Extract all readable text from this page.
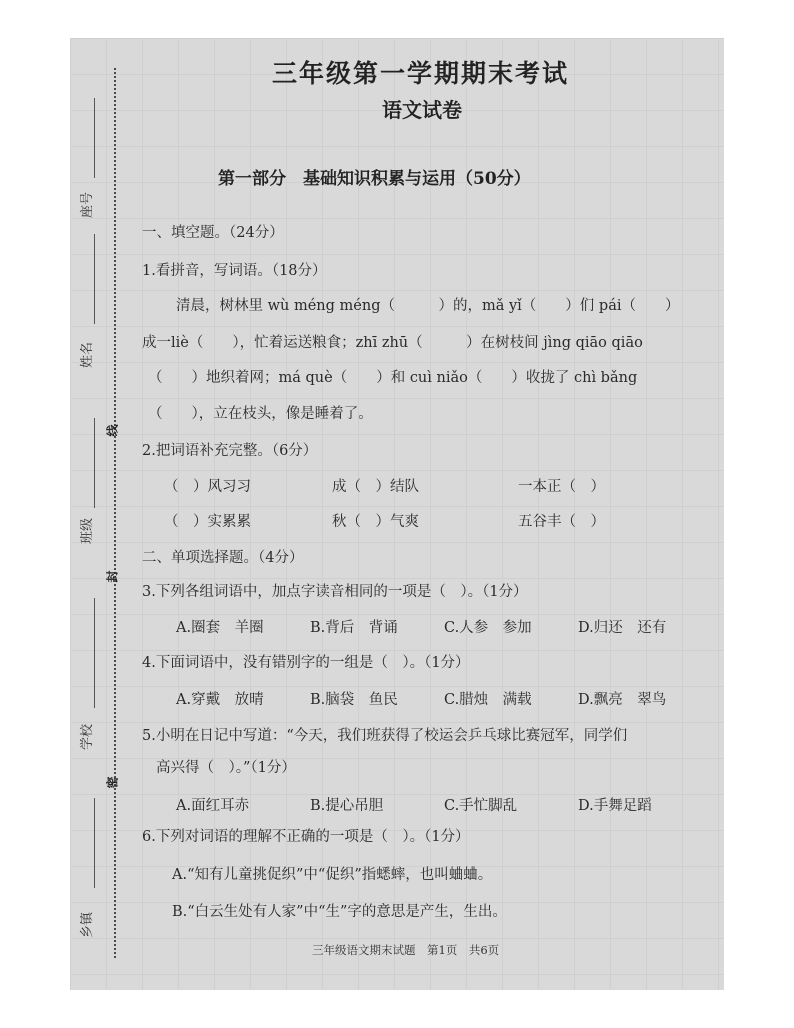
座号
姓名
线
班级
封
学校
密
乡镇
三年级第一学期期末考试
语文试卷
第一部分　基础知识积累与运用（50分）
一、填空题。（24分）
1.看拼音，写词语。（18分）
清晨，树林里 wù méng méng（　　　）的，mǎ yǐ（　　）们 pái（　　）
成一liè（　　），忙着运送粮食；zhī zhū（　　　）在树枝间 jìng qiāo qiāo
（　　）地织着网；má què（　　）和 cuì niǎo（　　）收拢了 chì bǎng
（　　），立在枝头，像是睡着了。
2.把词语补充完整。（6分）
（　）风习习	成（　）结队	一本正（　）
（　）实累累	秋（　）气爽	五谷丰（　）
二、单项选择题。（4分）
3.下列各组词语中，加点字读音相同的一项是（　）。（1分）
A.圈套　羊圈	B.背后　背诵	C.人参　参加	D.归还　还有
4.下面词语中，没有错别字的一组是（　）。（1分）
A.穿戴　放晴	B.脑袋　鱼民	C.腊烛　满载	D.飘亮　翠鸟
5.小明在日记中写道：“今天，我们班获得了校运会乒乓球比赛冠军，同学们
高兴得（　）。”（1分）
A.面红耳赤	B.提心吊胆	C.手忙脚乱	D.手舞足蹈
6.下列对词语的理解不正确的一项是（　）。（1分）
A.“知有儿童挑促织”中“促织”指蟋蟀，也叫蛐蛐。
B.“白云生处有人家”中“生”字的意思是产生，生出。
三年级语文期末试题　第1页　共6页
